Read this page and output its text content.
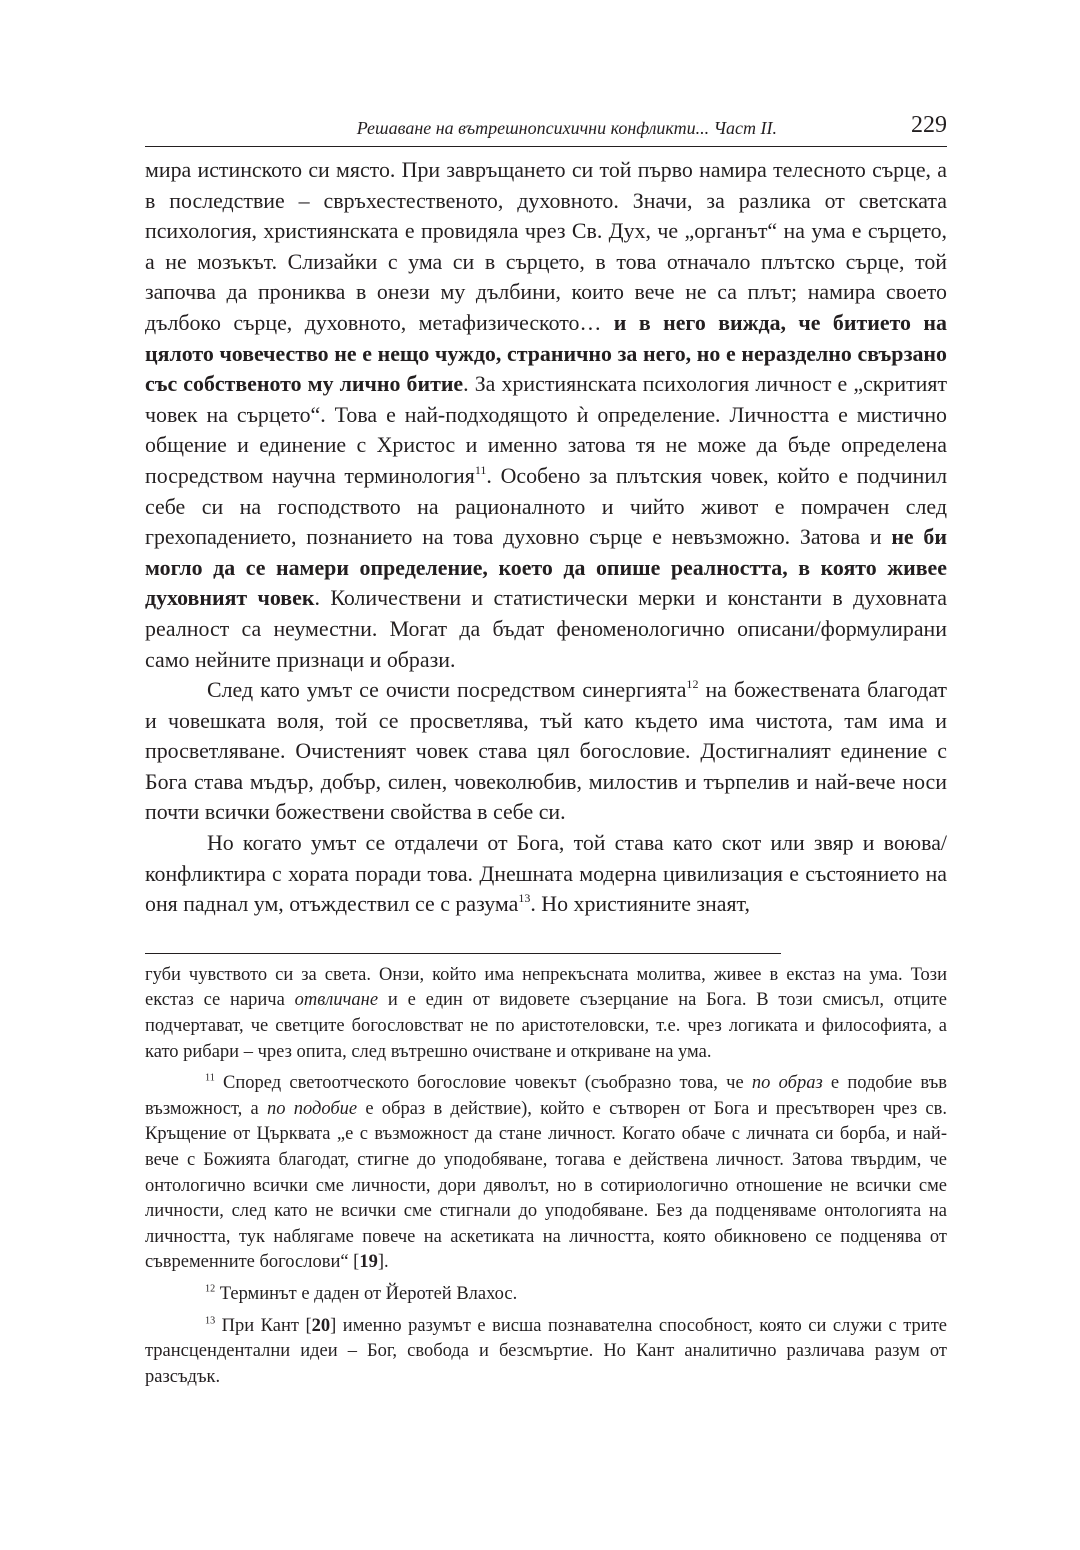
Решаване на вътрешнопсихични конфликти... Част II.	229

мира истинското си място. При завръщането си той първо намира телесното сърце, а в последствие – свръхестественото, духовното. Значи, за разлика от светската психология, християнската е провидяла чрез Св. Дух, че „органът“ на ума е сърцето, а не мозъкът. Слизайки с ума си в сърцето, в това отначало плътско сърце, той започва да прониква в онези му дълбини, които вече не са плът; намира своето дълбоко сърце, духовното, метафизическото… и в него вижда, че битието на цялото човечество не е нещо чуждо, странично за него, но е неразделно свързано със собственото му лично битие. За християнската психология личност е „скритият човек на сърцето“. Това е най-подходящото ѝ определение. Личността е мистично общение и единение с Христос и именно затова тя не може да бъде определена посредством научна терминология$^{11}$. Особено за плътския човек, който е подчинил себе си на господството на рационалното и чийто живот е помрачен след грехопадението, познанието на това духовно сърце е невъзможно. Затова и не би могло да се намери определение, което да опише реалността, в която живее духовният човек. Количествени и статистически мерки и константи в духовната реалност са неуместни. Могат да бъдат феноменологично описани/формулирани само нейните признаци и образи.

След като умът се очисти посредством синергията$^{12}$ на божествената благодат и човешката воля, той се просветлява, тъй като където има чистота, там има и просветляване. Очистеният човек става цял богословие. Достигналият единение с Бога става мъдър, добър, силен, човеколюбив, милостив и търпелив и най-вече носи почти всички божествени свойства в себе си.

Но когато умът се отдалечи от Бога, той става като скот или звяр и воюва/конфликтира с хората поради това. Днешната модерна цивилизация е състоянието на оня паднал ум, отъждествил се с разума$^{13}$. Но християните знаят,

губи чувството си за света. Онзи, който има непрекъсната молитва, живее в екстаз на ума. Този екстаз се нарича отвличане и е един от видовете съзерцание на Бога. В този смисъл, отците подчертават, че светците богословстват не по аристотеловски, т.е. чрез логиката и философията, а като рибари – чрез опита, след вътрешно очистване и откриване на ума.

$^{11}$ Според светоотческото богословие човекът (съобразно това, че по образ е подобие във възможност, а по подобие е образ в действие), който е сътворен от Бога и пресътворен чрез св. Кръщение от Църквата „е с възможност да стане личност. Когато обаче с личната си борба, и най-вече с Божията благодат, стигне до уподобяване, тогава е действена личност. Затова твърдим, че онтологично всички сме личности, дори дяволът, но в сотириологично отношение не всички сме личности, след като не всички сме стигнали до уподобяване. Без да подценяваме онтологията на личността, тук наблягаме повече на аскетиката на личността, която обикновено се подценява от съвременните богослови“ [19].

$^{12}$ Терминът е даден от Йеротей Влахос.

$^{13}$ При Кант [20] именно разумът е висша познавателна способност, която си служи с трите трансцендентални идеи – Бог, свобода и безсмъртие. Но Кант аналитично различава разум от разсъдък.
